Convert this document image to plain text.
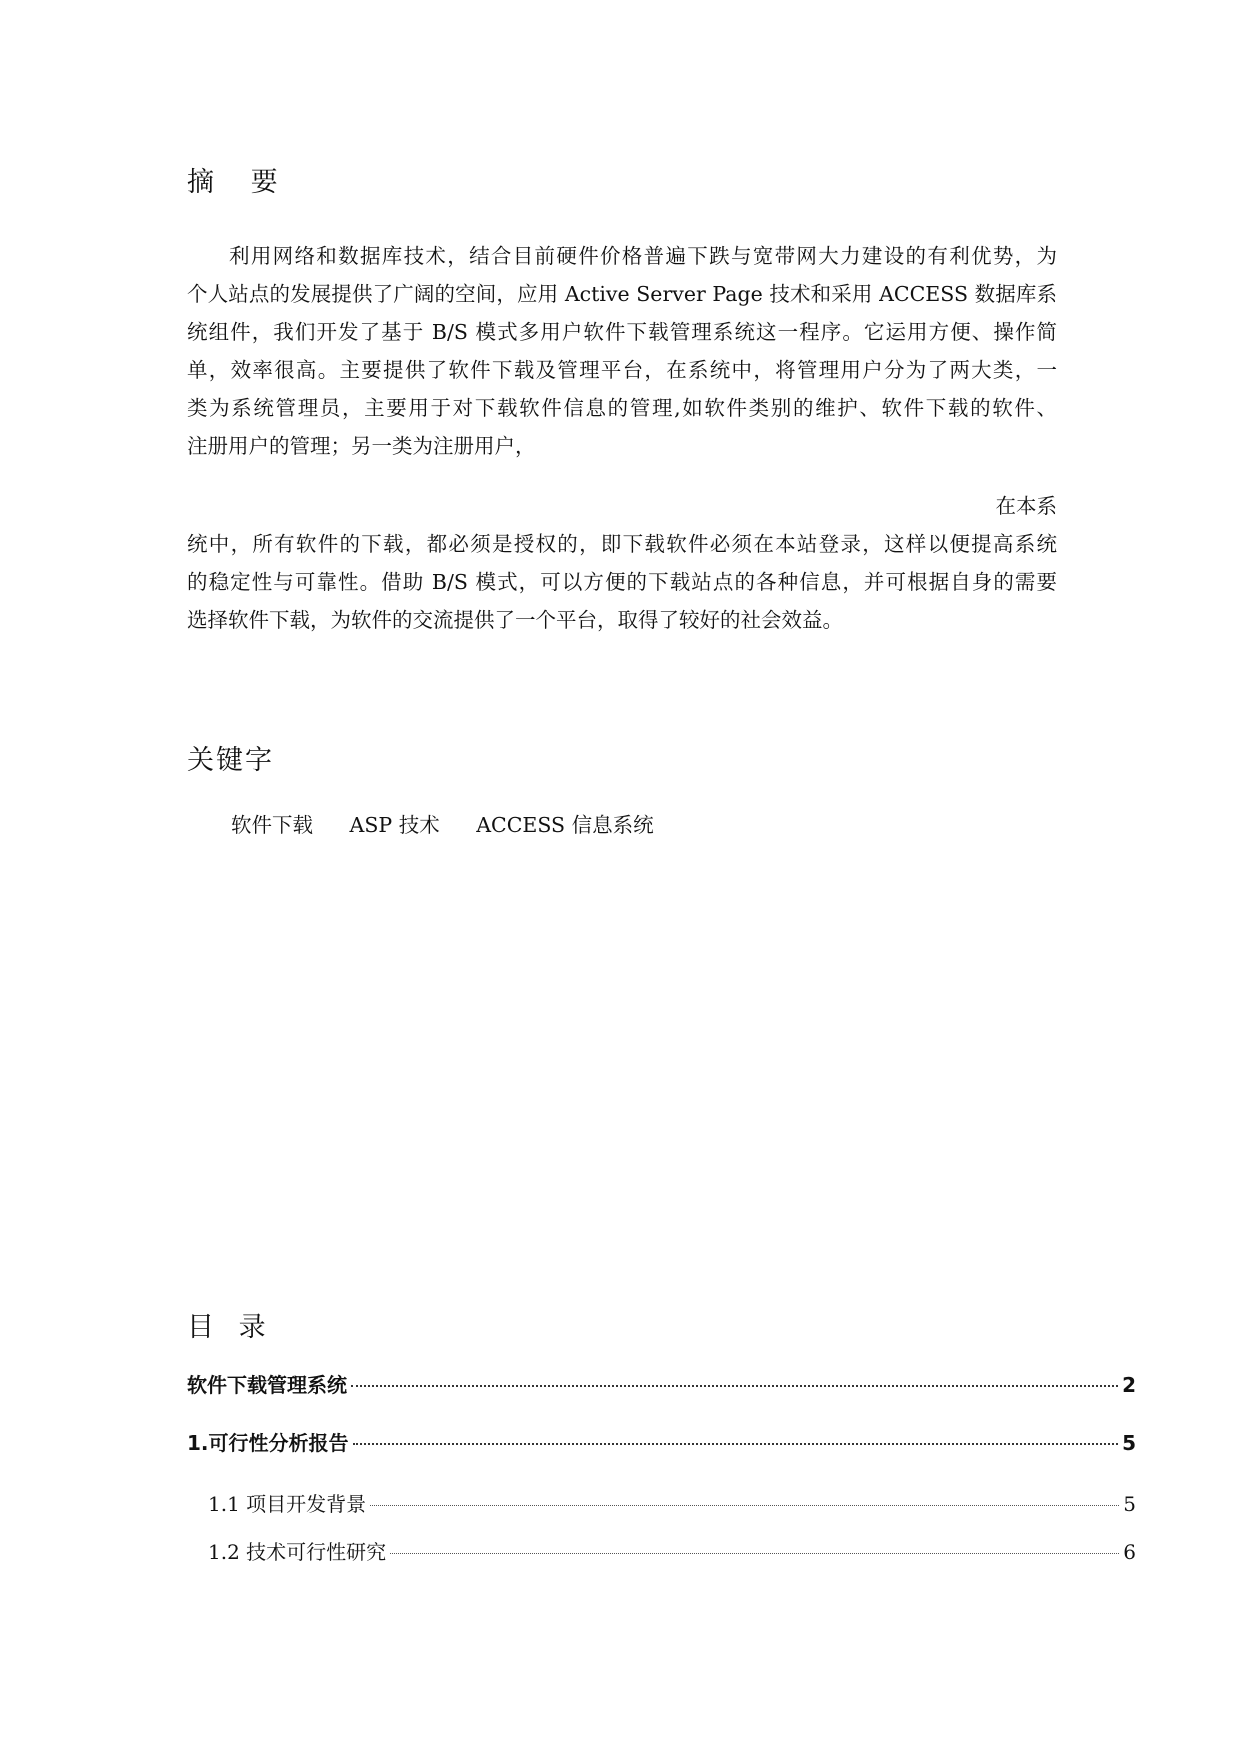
摘 要
利用网络和数据库技术，结合目前硬件价格普遍下跌与宽带网大力建设的有利优势，为
个人站点的发展提供了广阔的空间，应用 Active Server Page 技术和采用 ACCESS 数据库系
统组件，我们开发了基于 B/S 模式多用户软件下载管理系统这一程序。它运用方便、操作简
单，效率很高。主要提供了软件下载及管理平台，在系统中，将管理用户分为了两大类，一
类为系统管理员，主要用于对下载软件信息的管理,如软件类别的维护、软件下载的软件、
注册用户的管理；另一类为注册用户，
在本系
统中，所有软件的下载，都必须是授权的，即下载软件必须在本站登录，这样以便提高系统
的稳定性与可靠性。借助 B/S 模式，可以方便的下载站点的各种信息，并可根据自身的需要
选择软件下载，为软件的交流提供了一个平台，取得了较好的社会效益。
关键字
软件下载 ASP 技术 ACCESS 信息系统
目 录
软件下载管理系统	2
1.可行性分析报告	5
1.1 项目开发背景	5
1.2 技术可行性研究	6
